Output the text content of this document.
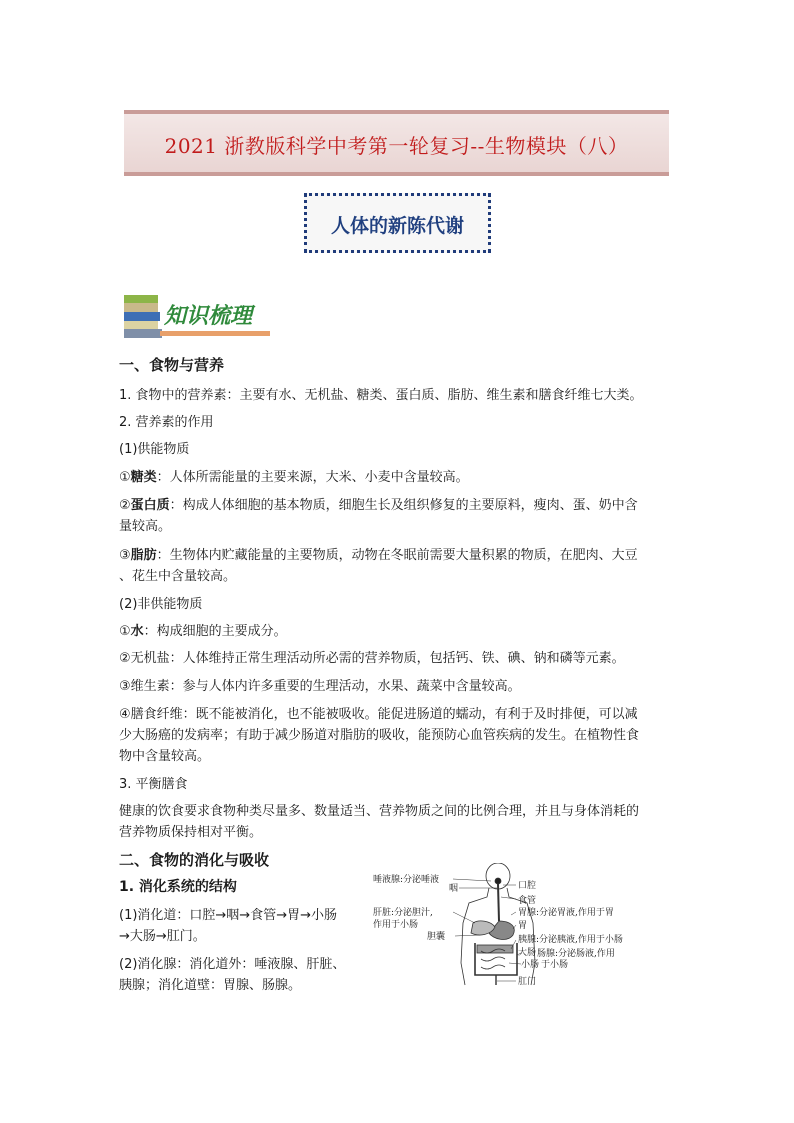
2021 浙教版科学中考第一轮复习--生物模块（八）
人体的新陈代谢
知识梳理
一、食物与营养
1. 食物中的营养素：主要有水、无机盐、糖类、蛋白质、脂肪、维生素和膳食纤维七大类。
2. 营养素的作用
(1)供能物质
①糖类：人体所需能量的主要来源，大米、小麦中含量较高。
②蛋白质：构成人体细胞的基本物质，细胞生长及组织修复的主要原料，瘦肉、蛋、奶中含
量较高。
③脂肪：生物体内贮藏能量的主要物质，动物在冬眠前需要大量积累的物质，在肥肉、大豆
、花生中含量较高。
(2)非供能物质
①水：构成细胞的主要成分。
②无机盐：人体维持正常生理活动所必需的营养物质，包括钙、铁、碘、钠和磷等元素。
③维生素：参与人体内许多重要的生理活动，水果、蔬菜中含量较高。
④膳食纤维：既不能被消化，也不能被吸收。能促进肠道的蠕动，有利于及时排便，可以减
少大肠癌的发病率；有助于减少肠道对脂肪的吸收，能预防心血管疾病的发生。在植物性食
物中含量较高。
3. 平衡膳食
健康的饮食要求食物种类尽量多、数量适当、营养物质之间的比例合理，并且与身体消耗的
营养物质保持相对平衡。
二、食物的消化与吸收
1. 消化系统的结构
(1)消化道：口腔→咽→食管→胃→小肠
→大肠→肛门。
(2)消化腺：消化道外：唾液腺、肝脏、
胰腺；消化道壁：胃腺、肠腺。
唾液腺:分泌唾液
咽
肝脏:分泌胆汁,
作用于小肠
胆囊
口腔
食管
胃腺:分泌胃液,作用于胃
胃
胰腺:分泌胰液,作用于小肠
大肠 肠腺:分泌肠液,作用
小肠 于小肠
肛门
